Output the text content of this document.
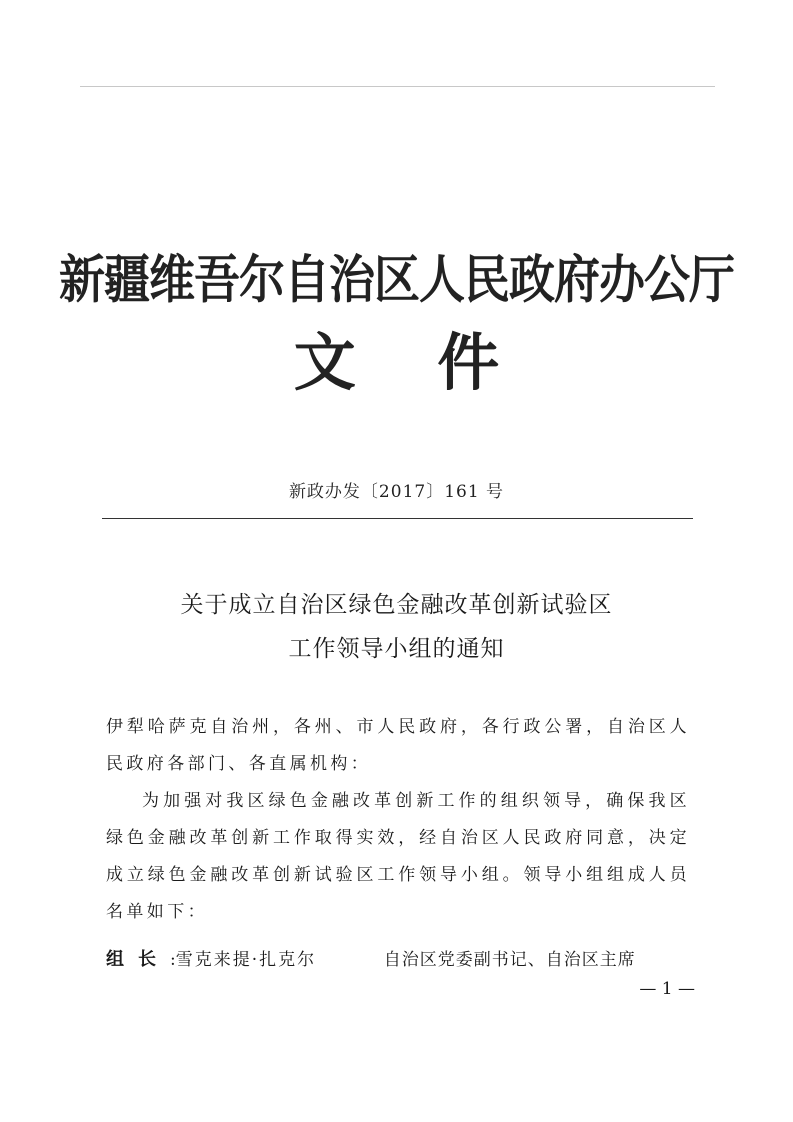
新疆维吾尔自治区人民政府办公厅
文 件
新政办发〔2017〕161 号
关于成立自治区绿色金融改革创新试验区
工作领导小组的通知

伊犁哈萨克自治州，各州、市人民政府，各行政公署，自治区人民政府各部门、各直属机构：

为加强对我区绿色金融改革创新工作的组织领导，确保我区绿色金融改革创新工作取得实效，经自治区人民政府同意，决定成立绿色金融改革创新试验区工作领导小组。领导小组组成人员名单如下：

组长:雪克来提·扎克尔	自治区党委副书记、自治区主席
— 1 —
